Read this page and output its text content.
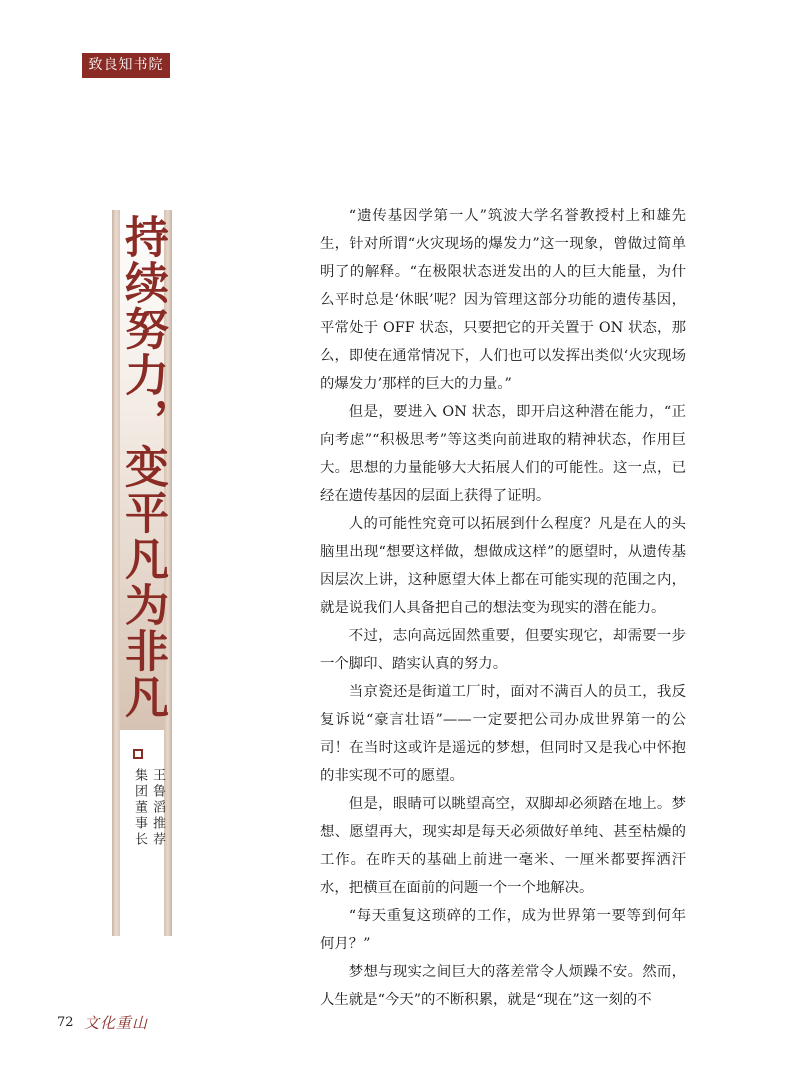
致良知书院
持续努力，变平凡为非凡
集团董事长 王鲁滔推荐

“遗传基因学第一人”筑波大学名誉教授村上和雄先生，针对所谓“火灾现场的爆发力”这一现象，曾做过简单明了的解释。“在极限状态迸发出的人的巨大能量，为什么平时总是‘休眠’呢？因为管理这部分功能的遗传基因，平常处于 OFF 状态，只要把它的开关置于 ON 状态，那么，即使在通常情况下，人们也可以发挥出类似‘火灾现场的爆发力’那样的巨大的力量。”

但是，要进入 ON 状态，即开启这种潜在能力，“正向考虑”“积极思考”等这类向前进取的精神状态，作用巨大。思想的力量能够大大拓展人们的可能性。这一点，已经在遗传基因的层面上获得了证明。

人的可能性究竟可以拓展到什么程度？凡是在人的头脑里出现“想要这样做，想做成这样”的愿望时，从遗传基因层次上讲，这种愿望大体上都在可能实现的范围之内，就是说我们人具备把自己的想法变为现实的潜在能力。

不过，志向高远固然重要，但要实现它，却需要一步一个脚印、踏实认真的努力。

当京瓷还是街道工厂时，面对不满百人的员工，我反复诉说“豪言壮语”——一定要把公司办成世界第一的公司！在当时这或许是遥远的梦想，但同时又是我心中怀抱的非实现不可的愿望。

但是，眼睛可以眺望高空，双脚却必须踏在地上。梦想、愿望再大，现实却是每天必须做好单纯、甚至枯燥的工作。在昨天的基础上前进一毫米、一厘米都要挥洒汗水，把横亘在面前的问题一个一个地解决。

“每天重复这琐碎的工作，成为世界第一要等到何年何月？”

梦想与现实之间巨大的落差常令人烦躁不安。然而，人生就是“今天”的不断积累，就是“现在”这一刻的不

72 文化重山
